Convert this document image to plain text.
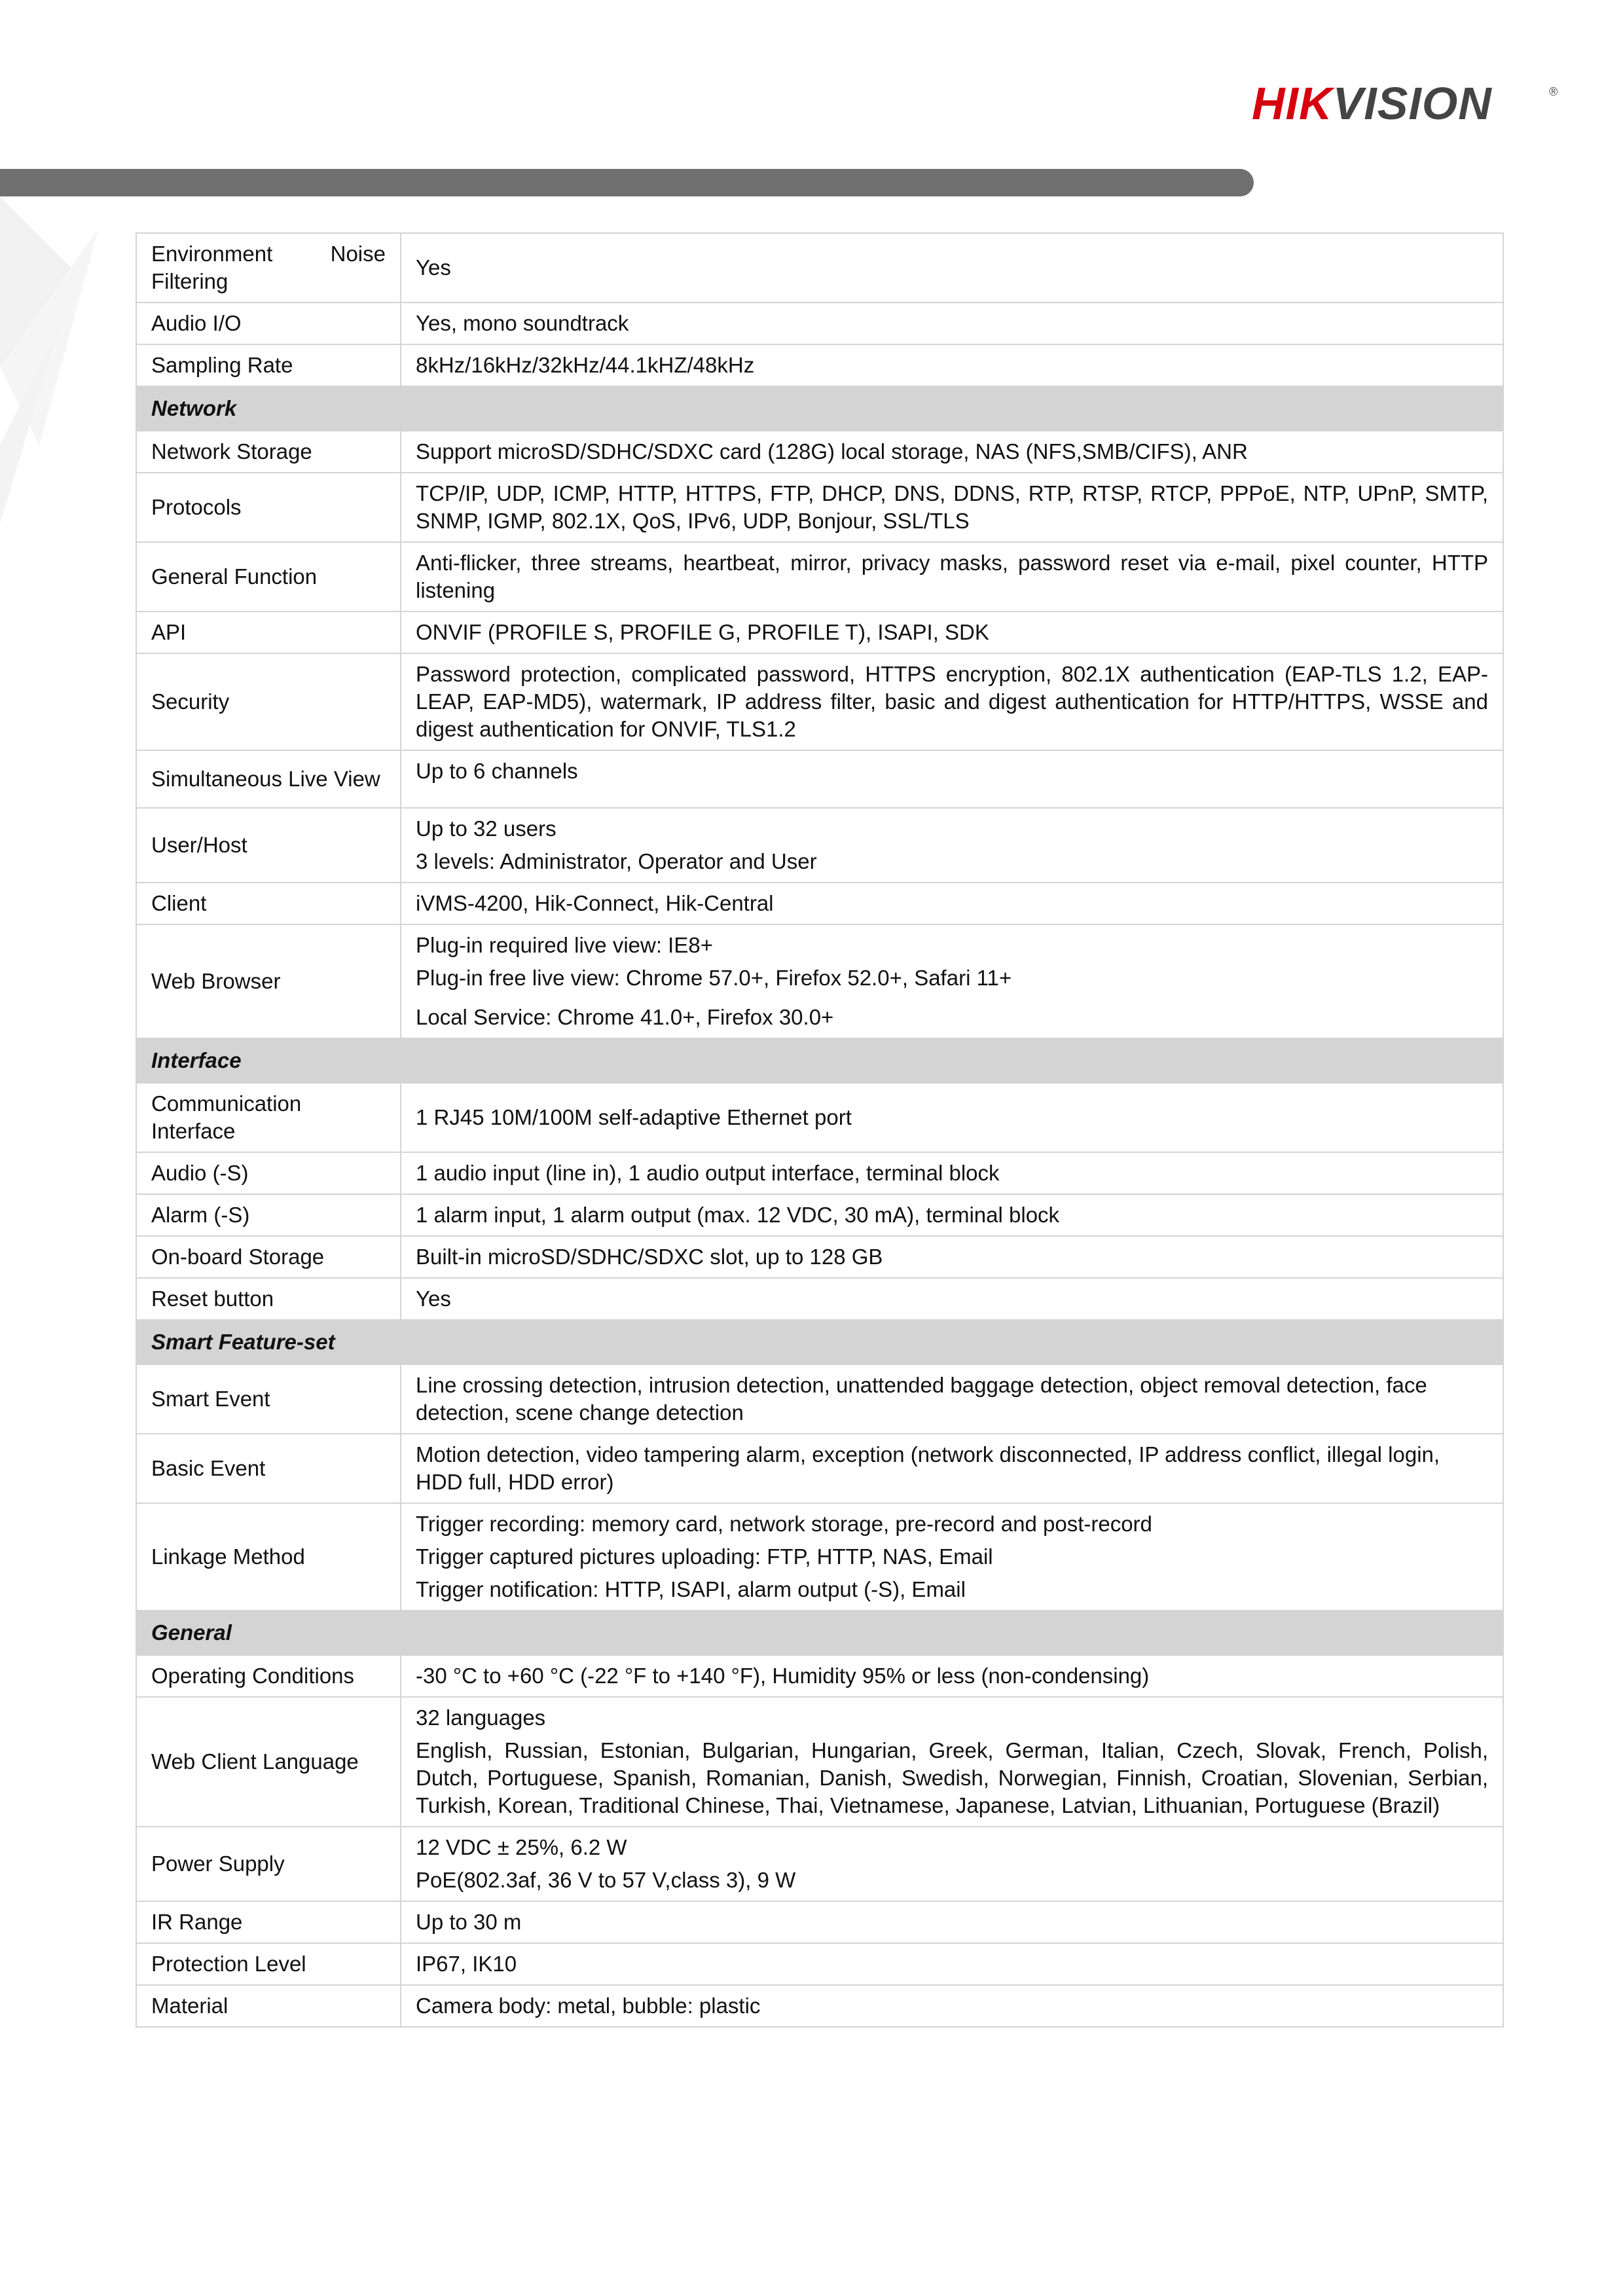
HIKVISION	®
Environment Noise Filtering	Yes

Audio I/O	Yes, mono soundtrack

Sampling Rate	8kHz/16kHz/32kHz/44.1kHZ/48kHz

Network	
Network Storage	Support microSD/SDHC/SDXC card (128G) local storage, NAS (NFS,SMB/CIFS), ANR

Protocols	TCP/IP, UDP, ICMP, HTTP, HTTPS, FTP, DHCP, DNS, DDNS, RTP, RTSP, RTCP, PPPoE, NTP, UPnP, SMTP, SNMP, IGMP, 802.1X, QoS, IPv6, UDP, Bonjour, SSL/TLS

General Function	Anti-flicker, three streams, heartbeat, mirror, privacy masks, password reset via e-mail, pixel counter, HTTP listening

API	ONVIF (PROFILE S, PROFILE G, PROFILE T), ISAPI, SDK

Security	Password protection, complicated password, HTTPS encryption, 802.1X authentication (EAP-TLS 1.2, EAP-LEAP, EAP-MD5), watermark, IP address filter, basic and digest authentication for HTTP/HTTPS, WSSE and digest authentication for ONVIF, TLS1.2

Simultaneous Live View	Up to 6 channels

User/Host	Up to 32 users
3 levels: Administrator, Operator and User

Client	iVMS-4200, Hik-Connect, Hik-Central

Web Browser	Plug-in required live view: IE8+
Plug-in free live view: Chrome 57.0+, Firefox 52.0+, Safari 11+
Local Service: Chrome 41.0+, Firefox 30.0+

Interface	
Communication Interface	1 RJ45 10M/100M self-adaptive Ethernet port

Audio (-S)	1 audio input (line in), 1 audio output interface, terminal block

Alarm (-S)	1 alarm input, 1 alarm output (max. 12 VDC, 30 mA), terminal block

On-board Storage	Built-in microSD/SDHC/SDXC slot, up to 128 GB

Reset button	Yes

Smart Feature-set	
Smart Event	Line crossing detection, intrusion detection, unattended baggage detection, object removal detection, face detection, scene change detection

Basic Event	Motion detection, video tampering alarm, exception (network disconnected, IP address conflict, illegal login, HDD full, HDD error)

Linkage Method	Trigger recording: memory card, network storage, pre-record and post-record
Trigger captured pictures uploading: FTP, HTTP, NAS, Email
Trigger notification: HTTP, ISAPI, alarm output (-S), Email

General	
Operating Conditions	-30 °C to +60 °C (-22 °F to +140 °F), Humidity 95% or less (non-condensing)

Web Client Language	32 languages
English, Russian, Estonian, Bulgarian, Hungarian, Greek, German, Italian, Czech, Slovak, French, Polish, Dutch, Portuguese, Spanish, Romanian, Danish, Swedish, Norwegian, Finnish, Croatian, Slovenian, Serbian, Turkish, Korean, Traditional Chinese, Thai, Vietnamese, Japanese, Latvian, Lithuanian, Portuguese (Brazil)

Power Supply	12 VDC ± 25%, 6.2 W
PoE(802.3af, 36 V to 57 V,class 3), 9 W

IR Range	Up to 30 m

Protection Level	IP67, IK10

Material	Camera body: metal, bubble: plastic
